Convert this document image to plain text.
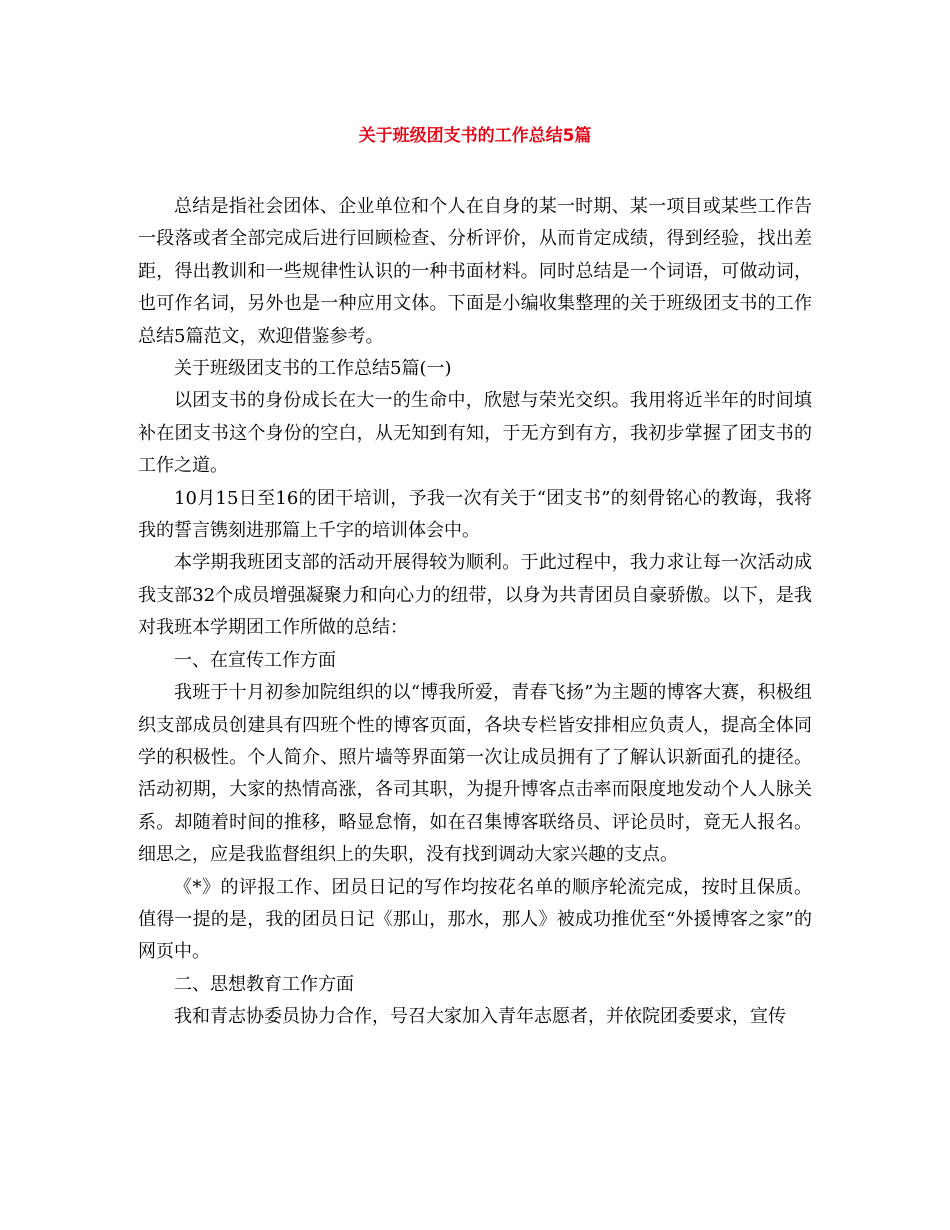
关于班级团支书的工作总结5篇

总结是指社会团体、企业单位和个人在自身的某一时期、某一项目或某些工作告一段落或者全部完成后进行回顾检查、分析评价，从而肯定成绩，得到经验，找出差距，得出教训和一些规律性认识的一种书面材料。同时总结是一个词语，可做动词，也可作名词，另外也是一种应用文体。下面是小编收集整理的关于班级团支书的工作总结5篇范文，欢迎借鉴参考。

关于班级团支书的工作总结5篇(一)

以团支书的身份成长在大一的生命中，欣慰与荣光交织。我用将近半年的时间填补在团支书这个身份的空白，从无知到有知，于无方到有方，我初步掌握了团支书的工作之道。

10月15日至16的团干培训，予我一次有关于“团支书”的刻骨铭心的教诲，我将我的誓言镌刻进那篇上千字的培训体会中。

本学期我班团支部的活动开展得较为顺利。于此过程中，我力求让每一次活动成我支部32个成员增强凝聚力和向心力的纽带，以身为共青团员自豪骄傲。以下，是我对我班本学期团工作所做的总结：

一、在宣传工作方面

我班于十月初参加院组织的以“博我所爱，青春飞扬”为主题的博客大赛，积极组织支部成员创建具有四班个性的博客页面，各块专栏皆安排相应负责人，提高全体同学的积极性。个人简介、照片墙等界面第一次让成员拥有了了解认识新面孔的捷径。活动初期，大家的热情高涨，各司其职，为提升博客点击率而限度地发动个人人脉关系。却随着时间的推移，略显怠惰，如在召集博客联络员、评论员时，竟无人报名。细思之，应是我监督组织上的失职，没有找到调动大家兴趣的支点。

《*》的评报工作、团员日记的写作均按花名单的顺序轮流完成，按时且保质。值得一提的是，我的团员日记《那山，那水，那人》被成功推优至“外援博客之家”的网页中。

二、思想教育工作方面

我和青志协委员协力合作，号召大家加入青年志愿者，并依院团委要求，宣传
